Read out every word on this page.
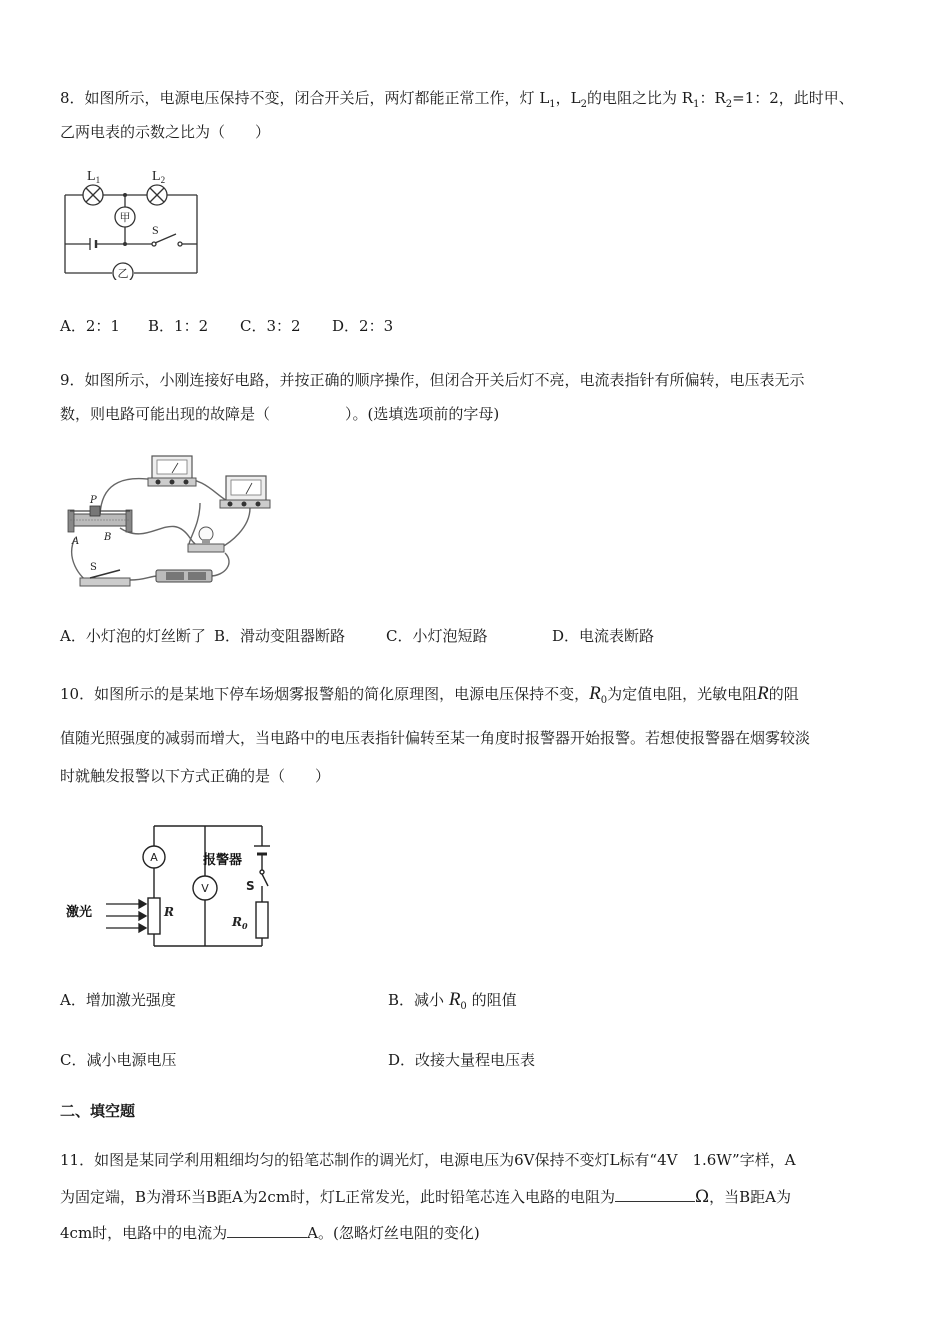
8．如图所示，电源电压保持不变，闭合开关后，两灯都能正常工作，灯 $L_1$，$L_2$的电阻之比为 $R_1$：$R_2=1$：2，此时甲、
乙两电表的示数之比为（　　）
甲
S
乙
$L_1$	$L_2$
A．2：1 B．1：2 C．3：2 D．2：3
9．如图所示，小刚连接好电路，并按正确的顺序操作，但闭合开关后灯不亮，电流表指针有所偏转，电压表无示
数，则电路可能出现的故障是（　　　　　）。(选填选项前的字母)
P
A B
S
A．小灯泡的灯丝断了 B．滑动变阻器断路	C．小灯泡短路	D．电流表断路
10．如图所示的是某地下停车场烟雾报警船的简化原理图，电源电压保持不变，$R_0$为定值电阻，光敏电阻R的阻
值随光照强度的减弱而增大，当电路中的电压表指针偏转至某一角度时报警器开始报警。若想使报警器在烟雾较淡
时就触发报警以下方式正确的是（　　）
A
V
R
S
$R_0$
报警器
激光
A．增加激光强度	B．减小 $R_0$ 的阻值
C．减小电源电压	D．改接大量程电压表
二、填空题
11．如图是某同学利用粗细均匀的铅笔芯制作的调光灯，电源电压为6V保持不变灯L标有“4V　1.6W”字样，A
为固定端，B为滑环当B距A为2cm时，灯L正常发光，此时铅笔芯连入电路的电阻为	Ω，当B距A为
4cm时，电路中的电流为	A。(忽略灯丝电阻的变化)
